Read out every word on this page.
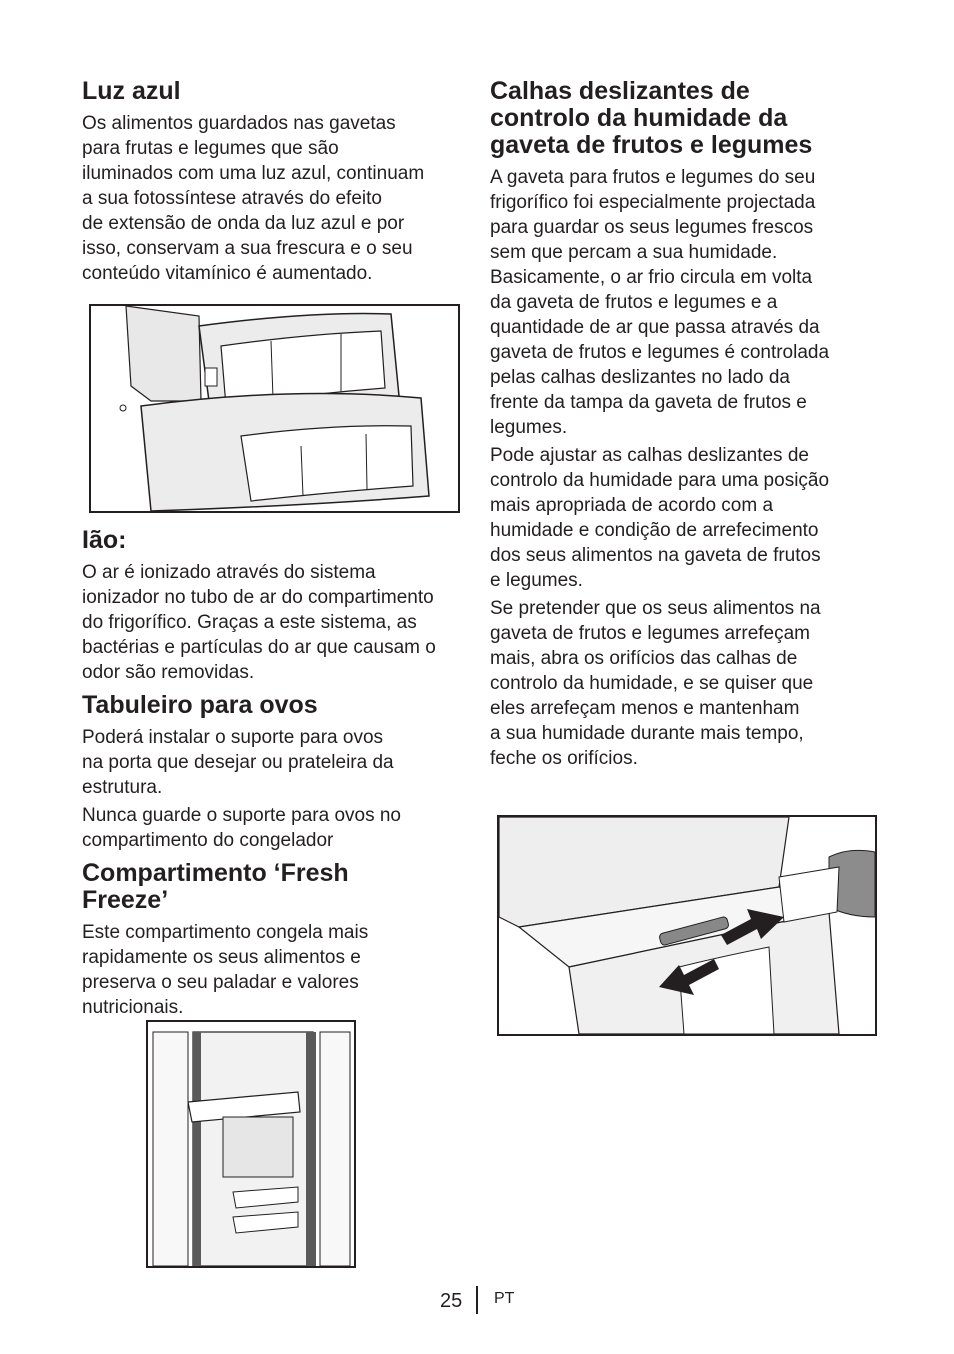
Luz azul

Os alimentos guardados nas gavetas
para frutas e legumes que são
iluminados com uma luz azul, continuam
a sua fotossíntese através do efeito
de extensão de onda da luz azul e por
isso, conservam a sua frescura e o seu
conteúdo vitamínico é aumentado.

Ião:

O ar é ionizado através do sistema
ionizador no tubo de ar do compartimento
do frigorífico. Graças a este sistema, as
bactérias e partículas do ar que causam o
odor são removidas.

Tabuleiro para ovos

Poderá instalar o suporte para ovos
na porta que desejar ou prateleira da
estrutura.

Nunca guarde o suporte para ovos no
compartimento do congelador

Compartimento ‘Fresh
Freeze’

Este compartimento congela mais
rapidamente os seus alimentos e
preserva o seu paladar e valores
nutricionais.

Calhas deslizantes de
controlo da humidade da
gaveta de frutos e legumes

A gaveta para frutos e legumes do seu
frigorífico foi especialmente projectada
para guardar os seus legumes frescos
sem que percam a sua humidade.
Basicamente, o ar frio circula em volta
da gaveta de frutos e legumes e a
quantidade de ar que passa através da
gaveta de frutos e legumes é controlada
pelas calhas deslizantes no lado da
frente da tampa da gaveta de frutos e
legumes.

Pode ajustar as calhas deslizantes de
controlo da humidade para uma posição
mais apropriada de acordo com a
humidade e condição de arrefecimento
dos seus alimentos na gaveta de frutos
e legumes.

Se pretender que os seus alimentos na
gaveta de frutos e legumes arrefeçam
mais, abra os orifícios das calhas de
controlo da humidade, e se quiser que
eles arrefeçam menos e mantenham
a sua humidade durante mais tempo,
feche os orifícios.

25 PT
